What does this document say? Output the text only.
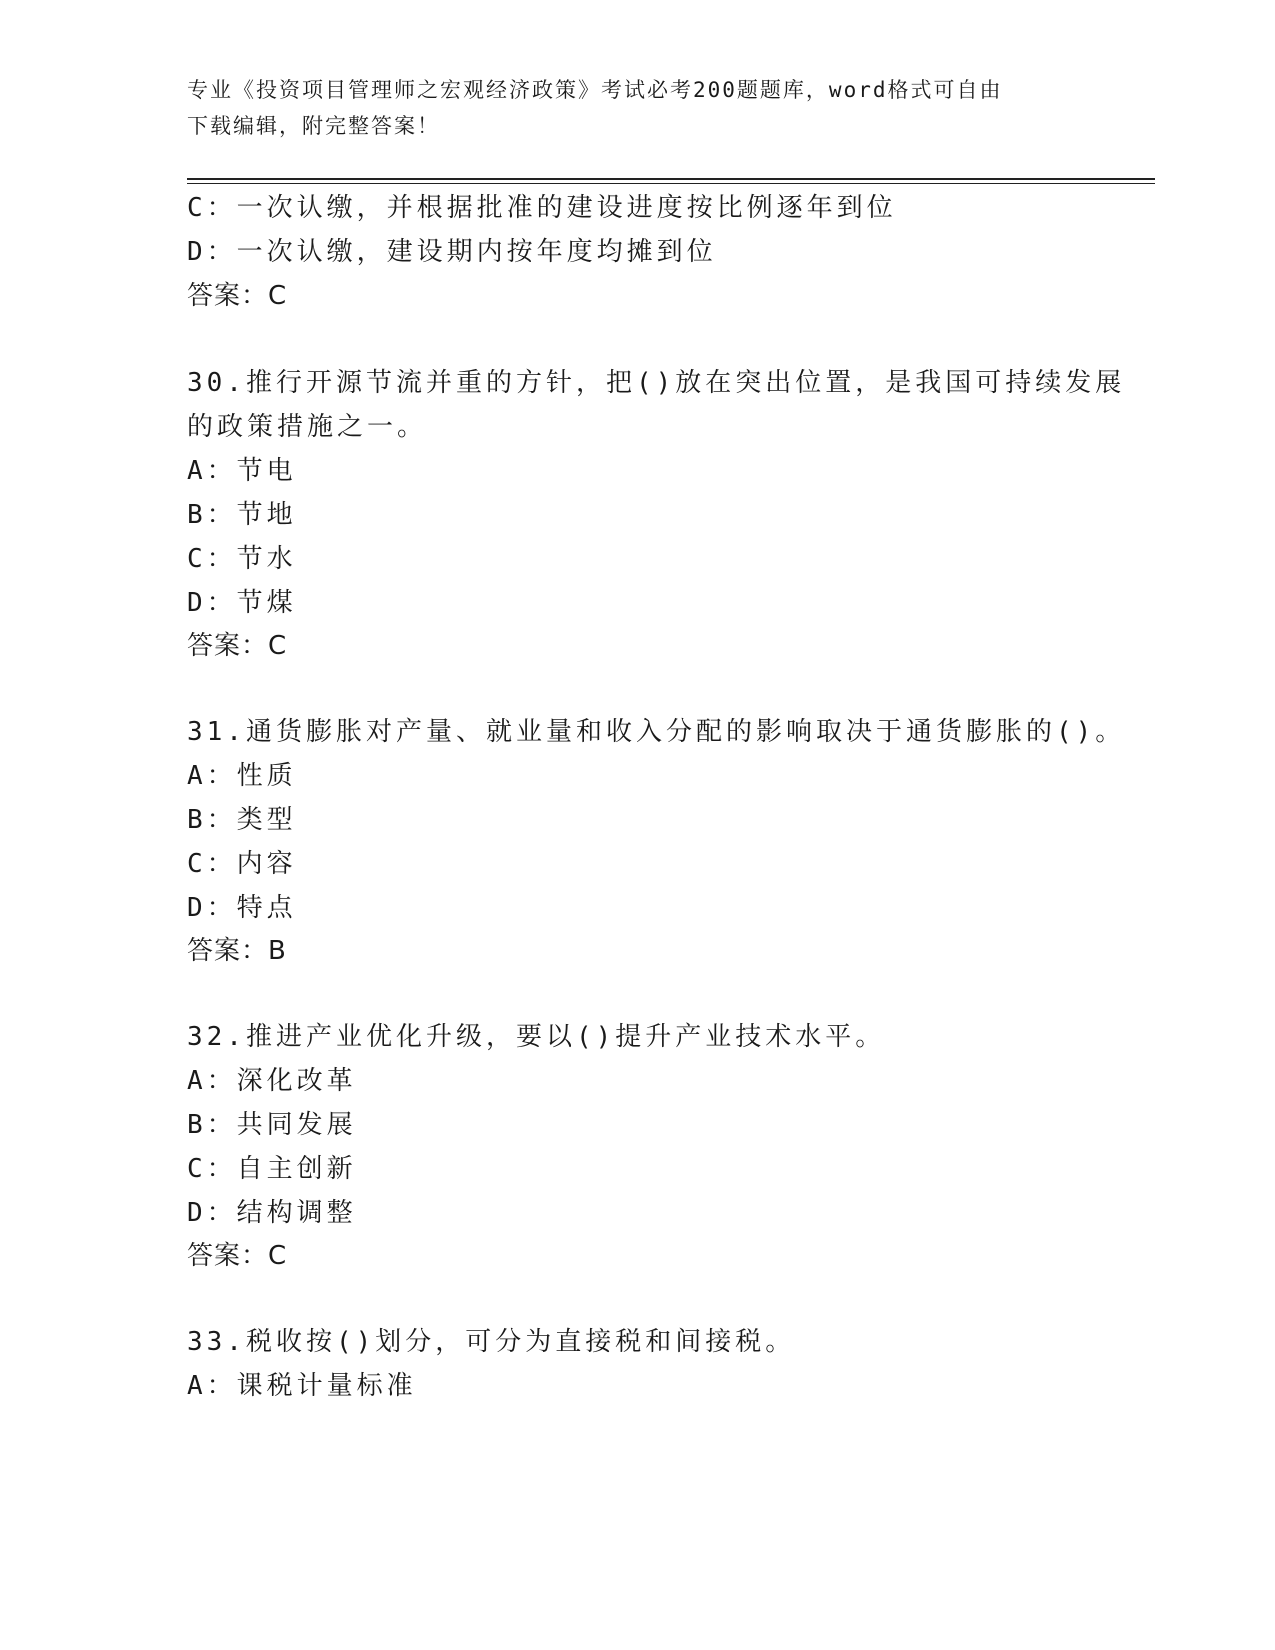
专业《投资项目管理师之宏观经济政策》考试必考200题题库，word格式可自由
下载编辑，附完整答案！
C：一次认缴，并根据批准的建设进度按比例逐年到位
D：一次认缴，建设期内按年度均摊到位
答案：C
30.推行开源节流并重的方针，把()放在突出位置，是我国可持续发展
的政策措施之一。
A：节电
B：节地
C：节水
D：节煤
答案：C
31.通货膨胀对产量、就业量和收入分配的影响取决于通货膨胀的()。
A：性质
B：类型
C：内容
D：特点
答案：B
32.推进产业优化升级，要以()提升产业技术水平。
A：深化改革
B：共同发展
C：自主创新
D：结构调整
答案：C
33.税收按()划分，可分为直接税和间接税。
A：课税计量标准
